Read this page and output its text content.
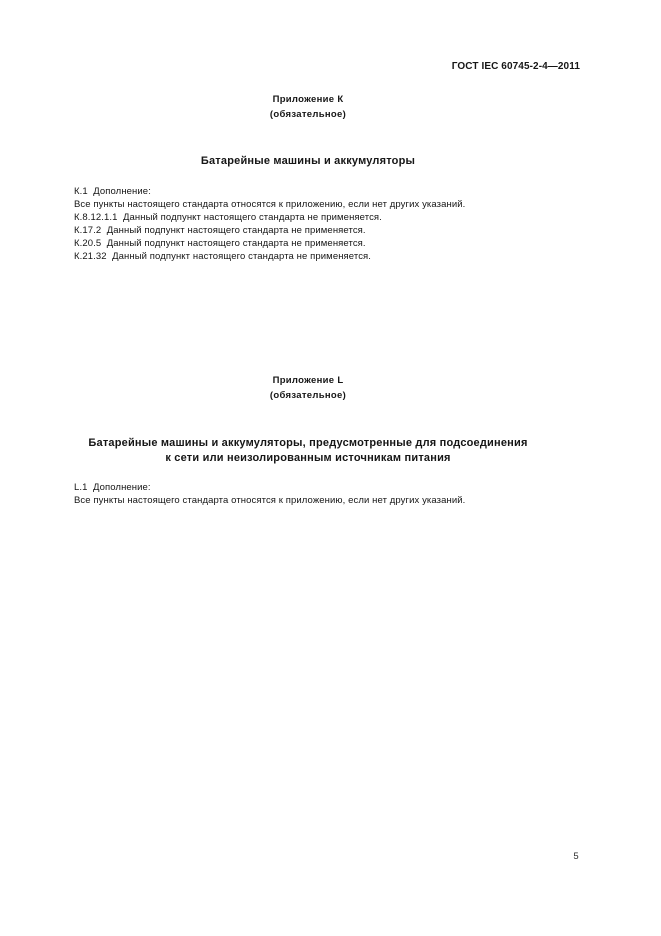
ГОСТ IEC 60745-2-4—2011
Приложение К
(обязательное)
Батарейные машины и аккумуляторы
К.1  Дополнение:
Все пункты настоящего стандарта относятся к приложению, если нет других указаний.
К.8.12.1.1  Данный подпункт настоящего стандарта не применяется.
К.17.2  Данный подпункт настоящего стандарта не применяется.
К.20.5  Данный подпункт настоящего стандарта не применяется.
К.21.32  Данный подпункт настоящего стандарта не применяется.
Приложение L
(обязательное)
Батарейные машины и аккумуляторы, предусмотренные для подсоединения
к сети или неизолированным источникам питания
L.1  Дополнение:
Все пункты настоящего стандарта относятся к приложению, если нет других указаний.
5
